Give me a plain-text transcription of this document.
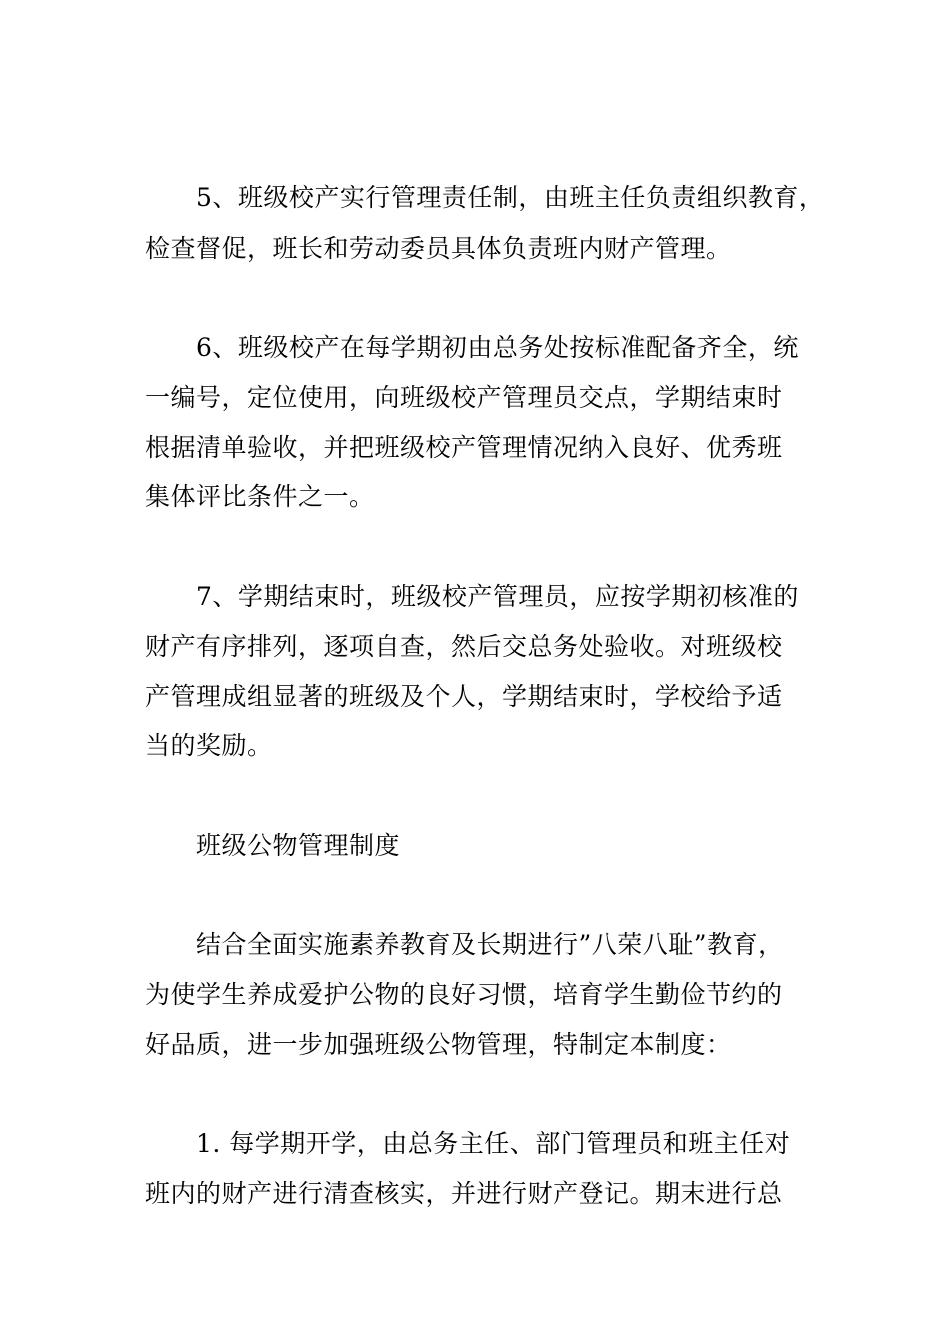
5、班级校产实行管理责任制，由班主任负责组织教育，
检查督促，班长和劳动委员具体负责班内财产管理。
6、班级校产在每学期初由总务处按标准配备齐全，统
一编号，定位使用，向班级校产管理员交点，学期结束时
根据清单验收，并把班级校产管理情况纳入良好、优秀班
集体评比条件之一。
7、学期结束时，班级校产管理员，应按学期初核准的
财产有序排列，逐项自查，然后交总务处验收。对班级校
产管理成组显著的班级及个人，学期结束时，学校给予适
当的奖励。
班级公物管理制度
结合全面实施素养教育及长期进行”八荣八耻”教育，
为使学生养成爱护公物的良好习惯，培育学生勤俭节约的
好品质，进一步加强班级公物管理，特制定本制度：
1. 每学期开学，由总务主任、部门管理员和班主任对
班内的财产进行清查核实，并进行财产登记。期末进行总
